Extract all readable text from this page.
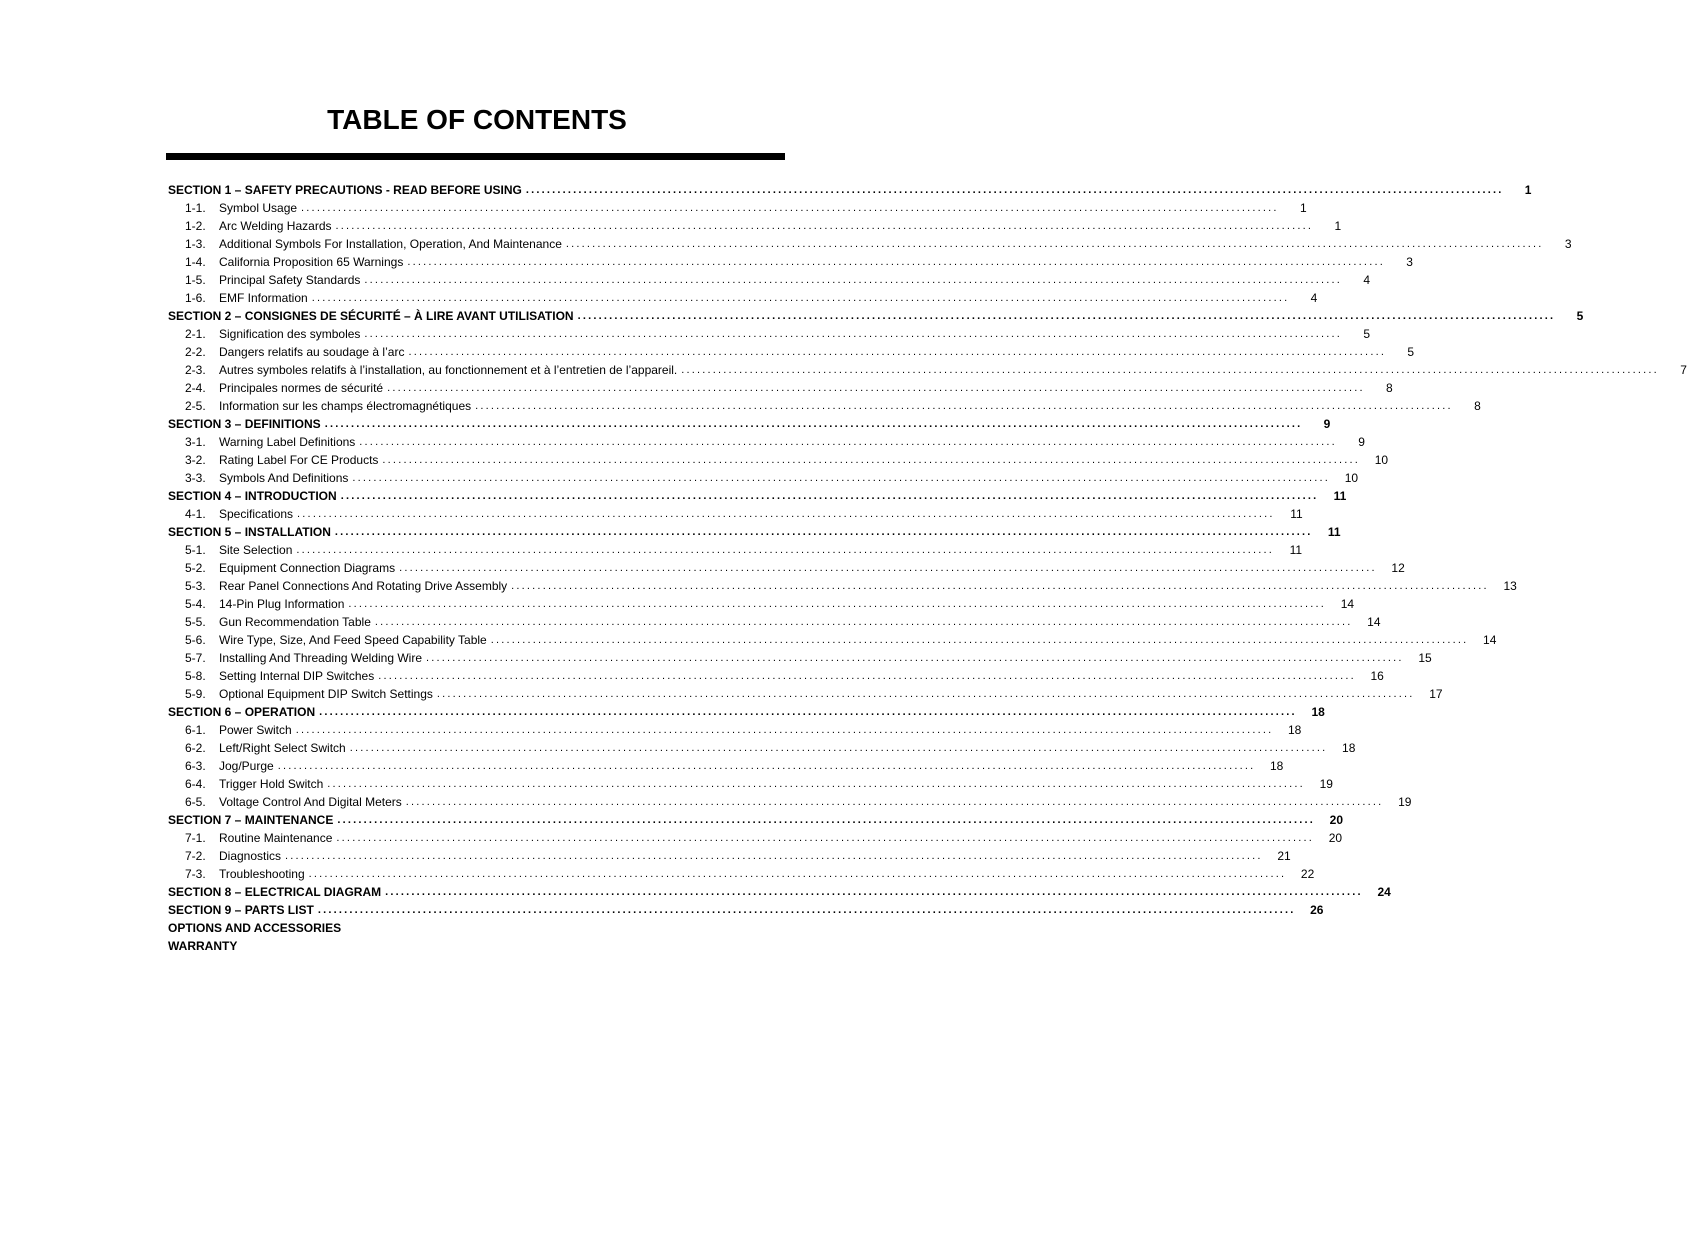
TABLE OF CONTENTS
SECTION 1 – SAFETY PRECAUTIONS - READ BEFORE USING ..........................................................................................................................................................................................	1
1-1.	Symbol Usage ..........................................................................................................................................................................................	1
1-2.	Arc Welding Hazards ..........................................................................................................................................................................................	1
1-3.	Additional Symbols For Installation, Operation, And Maintenance ..........................................................................................................................................................................................	3
1-4.	California Proposition 65 Warnings ..........................................................................................................................................................................................	3
1-5.	Principal Safety Standards ..........................................................................................................................................................................................	4
1-6.	EMF Information ..........................................................................................................................................................................................	4
SECTION 2 – CONSIGNES DE SÉCURITÉ – À LIRE AVANT UTILISATION ..........................................................................................................................................................................................	5
2-1.	Signification des symboles ..........................................................................................................................................................................................	5
2-2.	Dangers relatifs au soudage à l’arc ..........................................................................................................................................................................................	5
2-3.	Autres symboles relatifs à l’installation, au fonctionnement et à l’entretien de l’appareil. ..........................................................................................................................................................................................	7
2-4.	Principales normes de sécurité ..........................................................................................................................................................................................	8
2-5.	Information sur les champs électromagnétiques ..........................................................................................................................................................................................	8
SECTION 3 – DEFINITIONS ..........................................................................................................................................................................................	9
3-1.	Warning Label Definitions ..........................................................................................................................................................................................	9
3-2.	Rating Label For CE Products ..........................................................................................................................................................................................	10
3-3.	Symbols And Definitions ..........................................................................................................................................................................................	10
SECTION 4 – INTRODUCTION ..........................................................................................................................................................................................	11
4-1.	Specifications ..........................................................................................................................................................................................	11
SECTION 5 – INSTALLATION ..........................................................................................................................................................................................	11
5-1.	Site Selection ..........................................................................................................................................................................................	11
5-2.	Equipment Connection Diagrams ..........................................................................................................................................................................................	12
5-3.	Rear Panel Connections And Rotating Drive Assembly ..........................................................................................................................................................................................	13
5-4.	14-Pin Plug Information ..........................................................................................................................................................................................	14
5-5.	Gun Recommendation Table ..........................................................................................................................................................................................	14
5-6.	Wire Type, Size, And Feed Speed Capability Table ..........................................................................................................................................................................................	14
5-7.	Installing And Threading Welding Wire ..........................................................................................................................................................................................	15
5-8.	Setting Internal DIP Switches ..........................................................................................................................................................................................	16
5-9.	Optional Equipment DIP Switch Settings ..........................................................................................................................................................................................	17
SECTION 6 – OPERATION ..........................................................................................................................................................................................	18
6-1.	Power Switch ..........................................................................................................................................................................................	18
6-2.	Left/Right Select Switch ..........................................................................................................................................................................................	18
6-3.	Jog/Purge ..........................................................................................................................................................................................	18
6-4.	Trigger Hold Switch ..........................................................................................................................................................................................	19
6-5.	Voltage Control And Digital Meters ..........................................................................................................................................................................................	19
SECTION 7 – MAINTENANCE ..........................................................................................................................................................................................	20
7-1.	Routine Maintenance ..........................................................................................................................................................................................	20
7-2.	Diagnostics ..........................................................................................................................................................................................	21
7-3.	Troubleshooting ..........................................................................................................................................................................................	22
SECTION 8 – ELECTRICAL DIAGRAM ..........................................................................................................................................................................................	24
SECTION 9 – PARTS LIST ..........................................................................................................................................................................................	26
OPTIONS AND ACCESSORIES
WARRANTY
